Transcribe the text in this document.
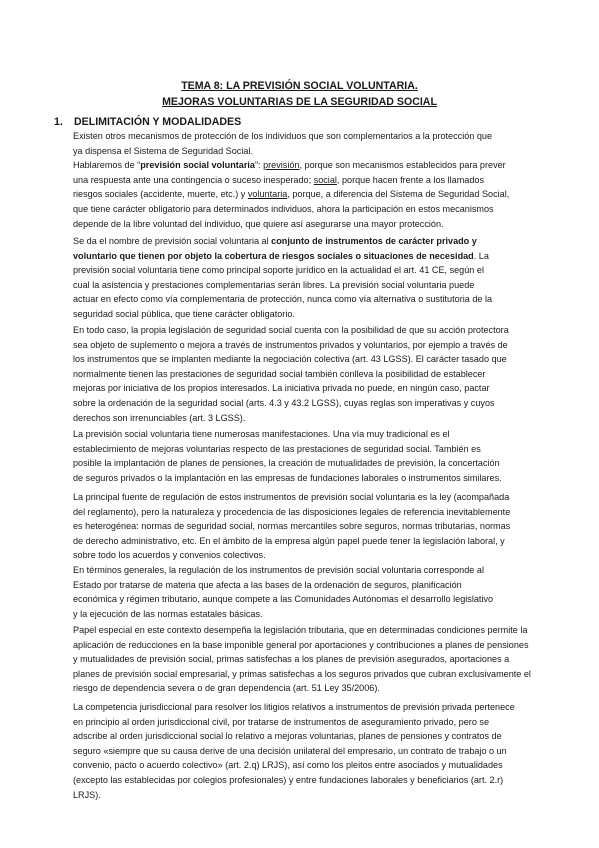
TEMA 8: LA PREVISIÓN SOCIAL VOLUNTARIA.
MEJORAS VOLUNTARIAS DE LA SEGURIDAD SOCIAL
1. DELIMITACIÓN Y MODALIDADES
Existen otros mecanismos de protección de los individuos que son complementarios a la protección que
ya dispensa el Sistema de Seguridad Social.
Hablaremos de “previsión social voluntaria”: previsión, porque son mecanismos establecidos para prever
una respuesta ante una contingencia o suceso inesperado; social, porque hacen frente a los llamados
riesgos sociales (accidente, muerte, etc.) y voluntaria, porque, a diferencia del Sistema de Seguridad Social,
que tiene carácter obligatorio para determinados individuos, ahora la participación en estos mecanismos
depende de la libre voluntad del individuo, que quiere así asegurarse una mayor protección.
Se da el nombre de previsión social voluntaria al conjunto de instrumentos de carácter privado y
voluntario que tienen por objeto la cobertura de riesgos sociales o situaciones de necesidad. La
previsión social voluntaria tiene como principal soporte jurídico en la actualidad el art. 41 CE, según el
cual la asistencia y prestaciones complementarias serán libres. La previsión social voluntaria puede
actuar en efecto como vía complementaria de protección, nunca como vía alternativa o sustitutoria de la
seguridad social pública, que tiene carácter obligatorio.
En todo caso, la propia legislación de seguridad social cuenta con la posibilidad de que su acción protectora
sea objeto de suplemento o mejora a través de instrumentos privados y voluntarios, por ejemplo a través de
los instrumentos que se implanten mediante la negociación colectiva (art. 43 LGSS). El carácter tasado que
normalmente tienen las prestaciones de seguridad social también conlleva la posibilidad de establecer
mejoras por iniciativa de los propios interesados. La iniciativa privada no puede, en ningún caso, pactar
sobre la ordenación de la seguridad social (arts. 4.3 y 43.2 LGSS), cuyas reglas son imperativas y cuyos
derechos son irrenunciables (art. 3 LGSS).
La previsión social voluntaria tiene numerosas manifestaciones. Una vía muy tradicional es el
establecimiento de mejoras voluntarias respecto de las prestaciones de seguridad social. También es
posible la implantación de planes de pensiones, la creación de mutualidades de previsión, la concertación
de seguros privados o la implantación en las empresas de fundaciones laborales o instrumentos similares.
La principal fuente de regulación de estos instrumentos de previsión social voluntaria es la ley (acompañada
del reglamento), pero la naturaleza y procedencia de las disposiciones legales de referencia inevitablemente
es heterogénea: normas de seguridad social, normas mercantiles sobre seguros, normas tributarias, normas
de derecho administrativo, etc. En el ámbito de la empresa algún papel puede tener la legislación laboral, y
sobre todo los acuerdos y convenios colectivos.
En términos generales, la regulación de los instrumentos de previsión social voluntaria corresponde al
Estado por tratarse de materia que afecta a las bases de la ordenación de seguros, planificación
económica y régimen tributario, aunque compete a las Comunidades Autónomas el desarrollo legislativo
y la ejecución de las normas estatales básicas.
Papel especial en este contexto desempeña la legislación tributaria, que en determinadas condiciones permite la
aplicación de reducciones en la base imponible general por aportaciones y contribuciones a planes de pensiones
y mutualidades de previsión social, primas satisfechas a los planes de previsión asegurados, aportaciones a
planes de previsión social empresarial, y primas satisfechas a los seguros privados que cubran exclusivamente el
riesgo de dependencia severa o de gran dependencia (art. 51 Ley 35/2006).
La competencia jurisdiccional para resolver los litigios relativos a instrumentos de previsión privada pertenece
en principio al orden jurisdiccional civil, por tratarse de instrumentos de aseguramiento privado, pero se
adscribe al orden jurisdiccional social lo relativo a mejoras voluntarias, planes de pensiones y contratos de
seguro «siempre que su causa derive de una decisión unilateral del empresario, un contrato de trabajo o un
convenio, pacto o acuerdo colectivo» (art. 2.q) LRJS), así como los pleitos entre asociados y mutualidades
(excepto las establecidas por colegios profesionales) y entre fundaciones laborales y beneficiarios (art. 2.r)
LRJS).
